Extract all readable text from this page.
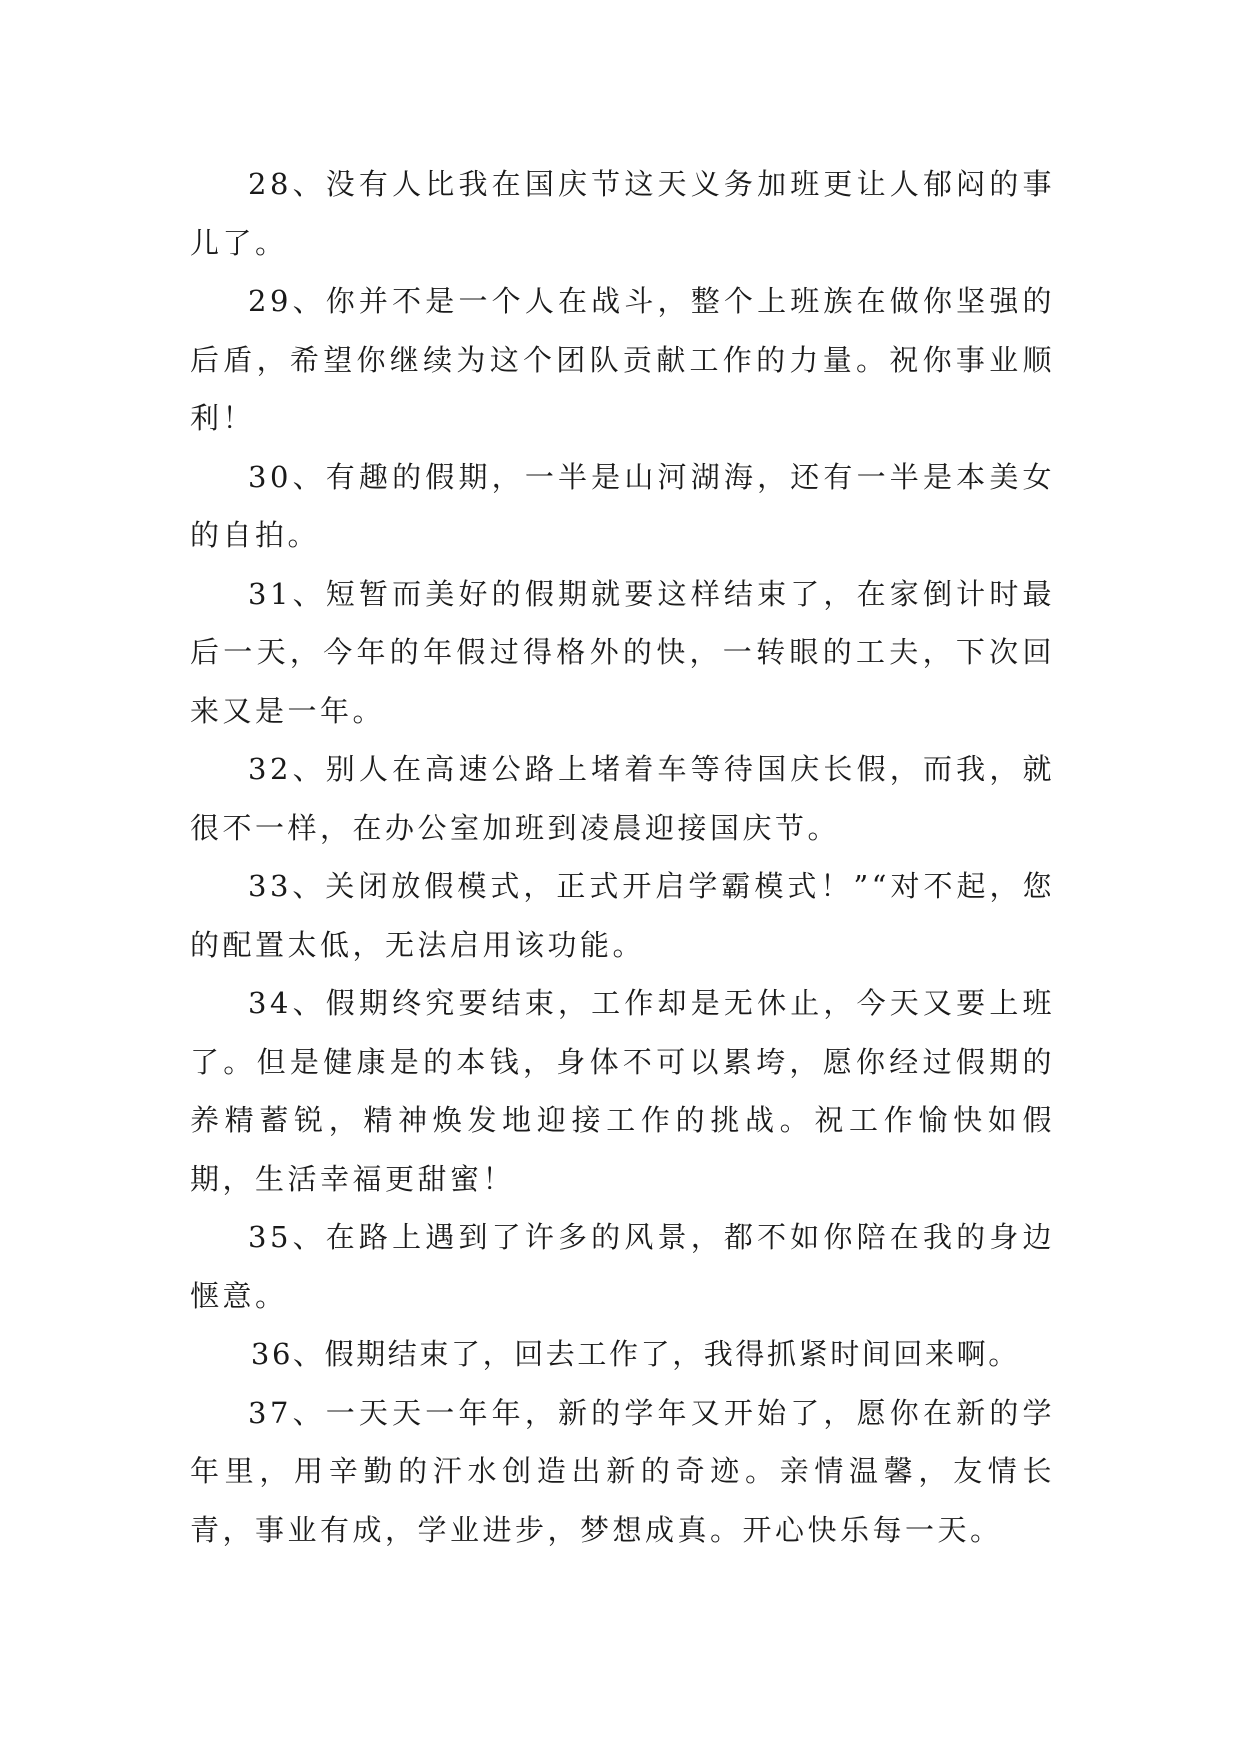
28、没有人比我在国庆节这天义务加班更让人郁闷的事儿了。

29、你并不是一个人在战斗，整个上班族在做你坚强的后盾，希望你继续为这个团队贡献工作的力量。祝你事业顺利！

30、有趣的假期，一半是山河湖海，还有一半是本美女的自拍。

31、短暂而美好的假期就要这样结束了，在家倒计时最后一天，今年的年假过得格外的快，一转眼的工夫，下次回来又是一年。

32、别人在高速公路上堵着车等待国庆长假，而我，就很不一样，在办公室加班到凌晨迎接国庆节。

33、关闭放假模式，正式开启学霸模式！”“对不起，您的配置太低，无法启用该功能。

34、假期终究要结束，工作却是无休止，今天又要上班了。但是健康是的本钱，身体不可以累垮，愿你经过假期的养精蓄锐，精神焕发地迎接工作的挑战。祝工作愉快如假期，生活幸福更甜蜜！

35、在路上遇到了许多的风景，都不如你陪在我的身边惬意。

36、假期结束了，回去工作了，我得抓紧时间回来啊。

37、一天天一年年，新的学年又开始了，愿你在新的学年里，用辛勤的汗水创造出新的奇迹。亲情温馨，友情长青，事业有成，学业进步，梦想成真。开心快乐每一天。
